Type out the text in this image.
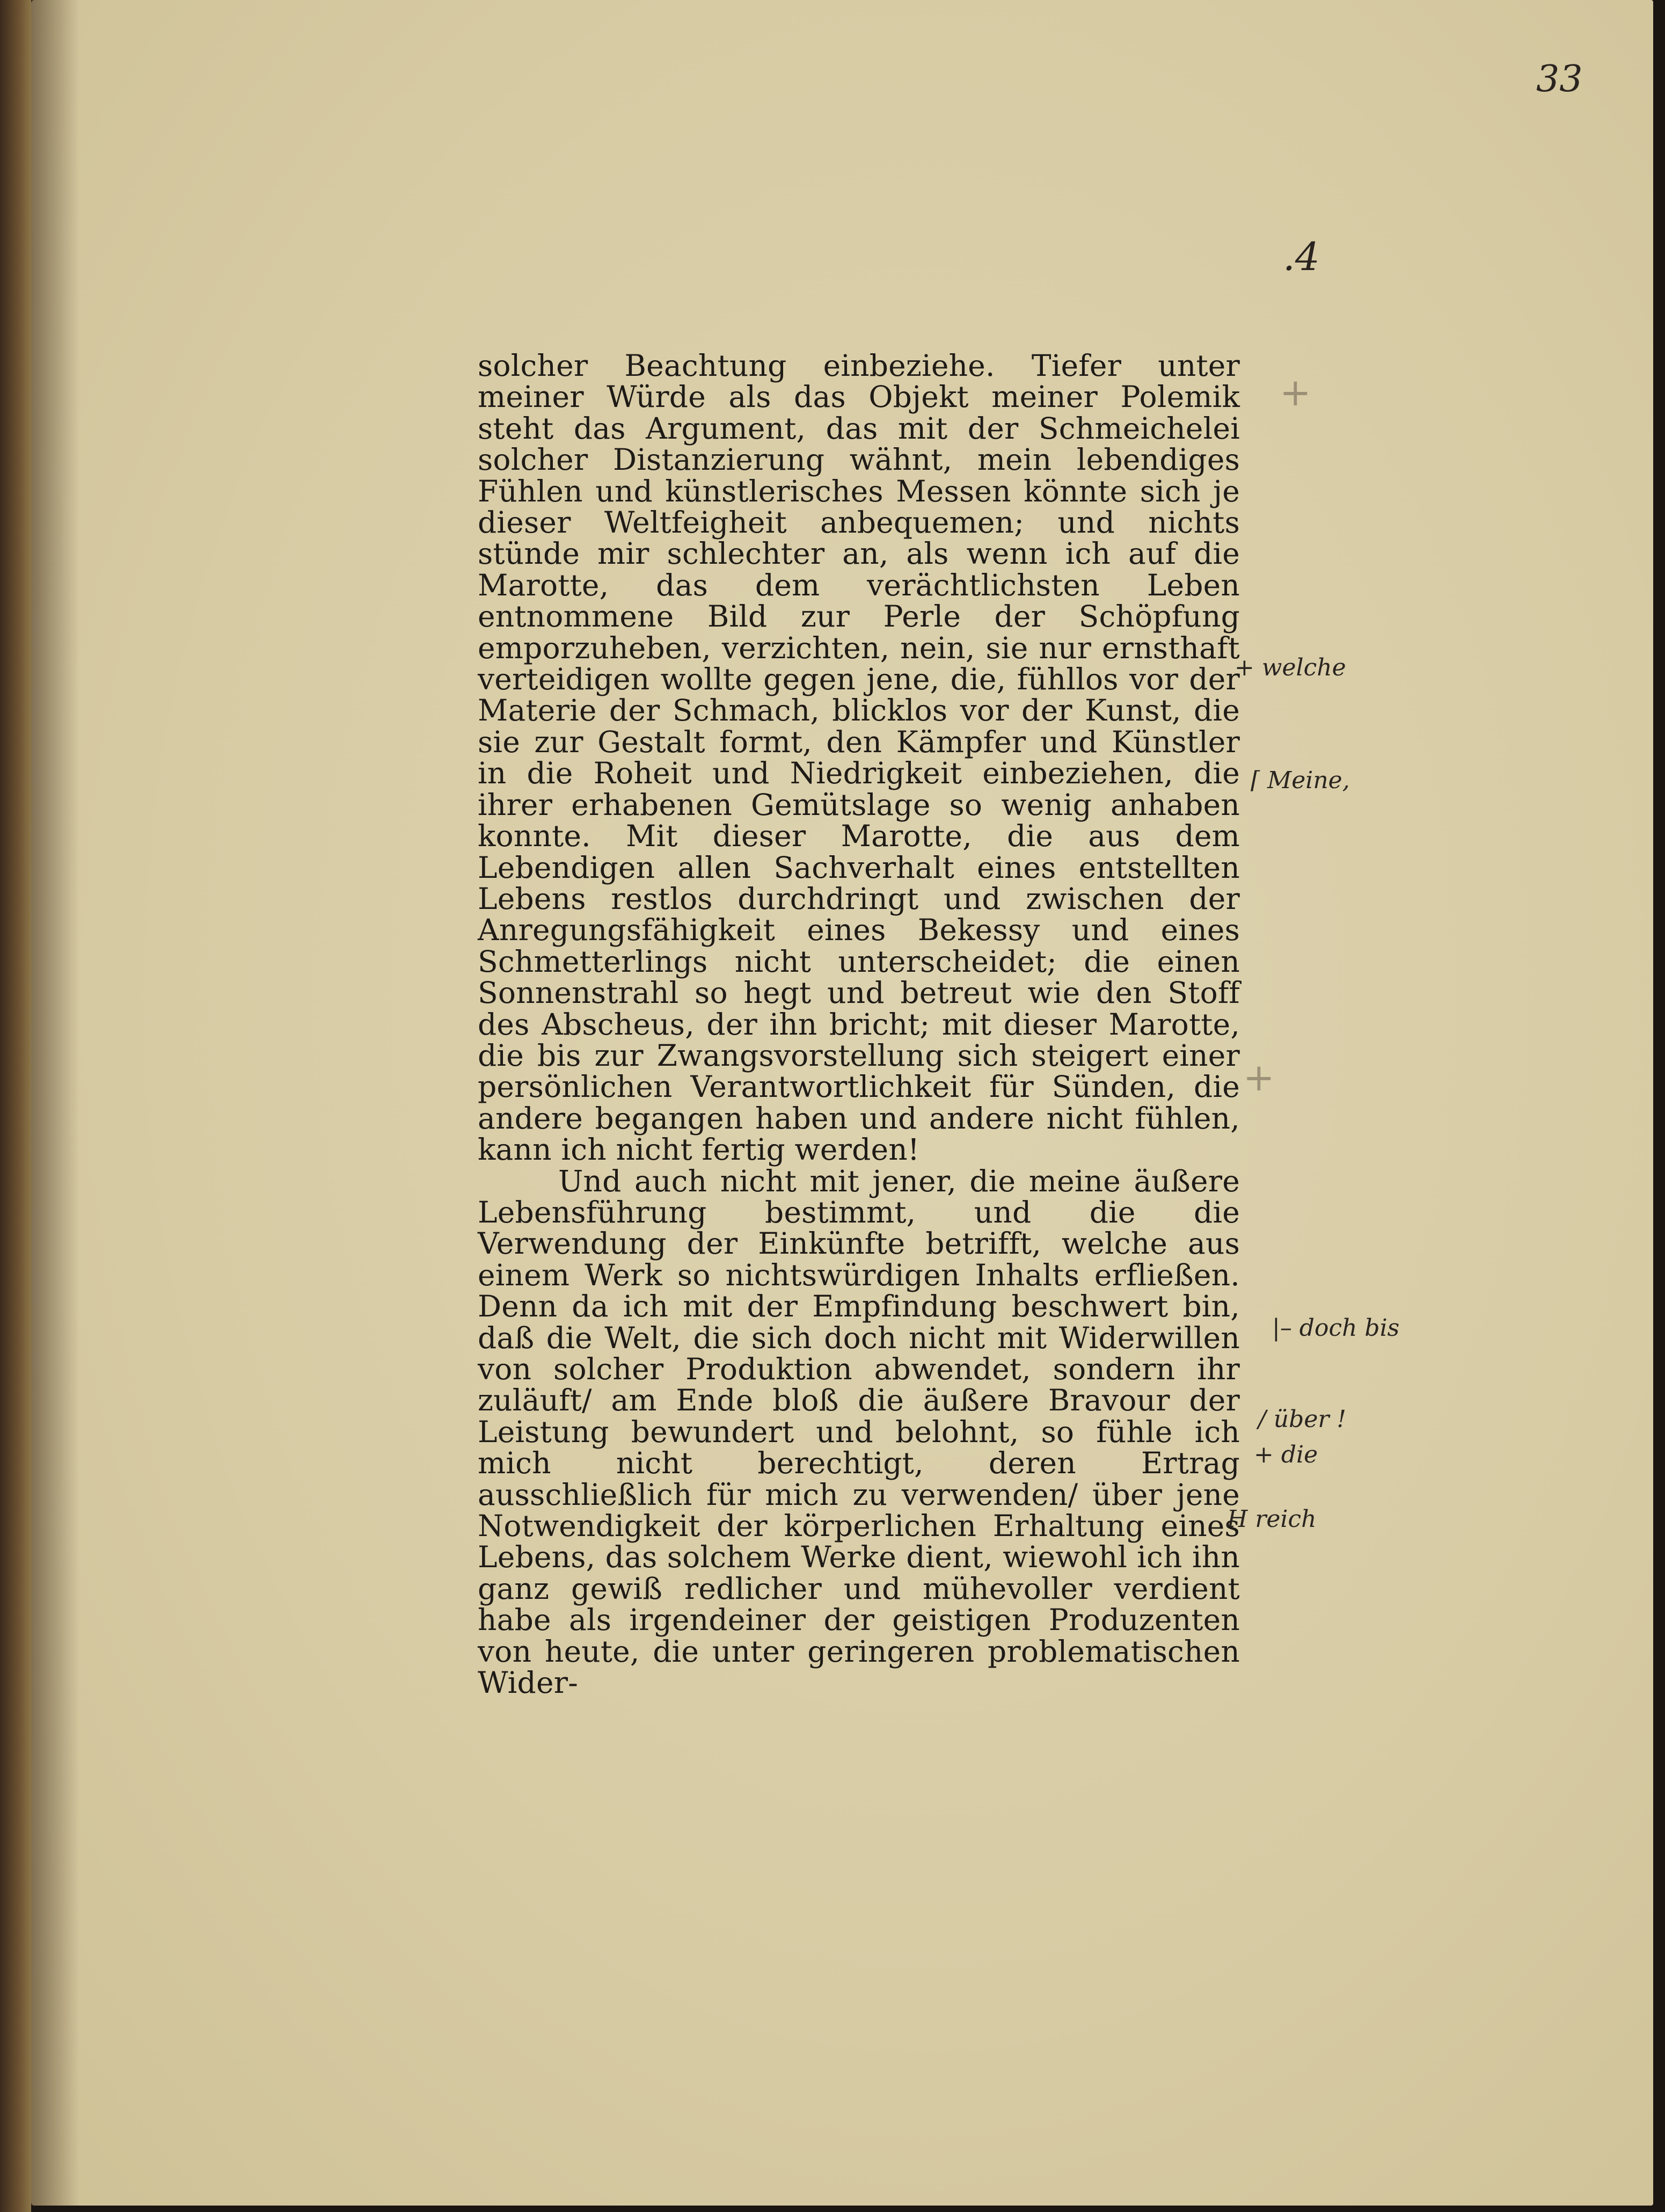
33

.4

solcher Beachtung einbeziehe. Tiefer unter meiner Würde als das Objekt meiner Polemik steht das Argument, das mit der Schmeichelei solcher Distanzierung wähnt, mein lebendiges Fühlen und künstlerisches Messen könnte sich je dieser Weltfeigheit anbequemen; und nichts stünde mir schlechter an, als wenn ich auf die Marotte, das dem verächtlichsten Leben entnommene Bild zur Perle der Schöpfung emporzuheben, verzichten, nein, sie nur ernsthaft verteidigen wollte gegen jene, die, fühllos vor der Materie der Schmach, blicklos vor der Kunst, die sie zur Gestalt formt, den Kämpfer und Künstler in die Roheit und Niedrigkeit einbeziehen, die ihrer erhabenen Gemütslage so wenig anhaben konnte. Mit dieser Marotte, die aus dem Lebendigen allen Sachverhalt eines entstellten Lebens restlos durchdringt und zwischen der Anregungsfähigkeit eines Bekessy und eines Schmetterlings nicht unterscheidet; die einen Sonnenstrahl so hegt und betreut wie den Stoff des Abscheus, der ihn bricht; mit dieser Marotte, die bis zur Zwangsvorstellung sich steigert einer persönlichen Verantwortlichkeit für Sünden, die andere begangen haben und andere nicht fühlen, kann ich nicht fertig werden!

Und auch nicht mit jener, die meine äußere Lebensführung bestimmt, und die die Verwendung der Einkünfte betrifft, welche aus einem Werk so nichtswürdigen Inhalts erfließen. Denn da ich mit der Empfindung beschwert bin, daß die Welt, die sich doch nicht mit Widerwillen von solcher Produktion abwendet, sondern ihr zuläuft/ am Ende bloß die äußere Bravour der Leistung bewundert und belohnt, so fühle ich mich nicht berechtigt, deren Ertrag ausschließlich für mich zu verwenden/ über jene Notwendigkeit der körperlichen Erhaltung eines Lebens, das solchem Werke dient, wiewohl ich ihn ganz gewiß redlicher und mühevoller verdient habe als irgendeiner der geistigen Produzenten von heute, die unter geringeren problematischen Wider-

+

+ welche

⌈ Meine,

+

|– doch bis

/ über !

+ die

H reich
